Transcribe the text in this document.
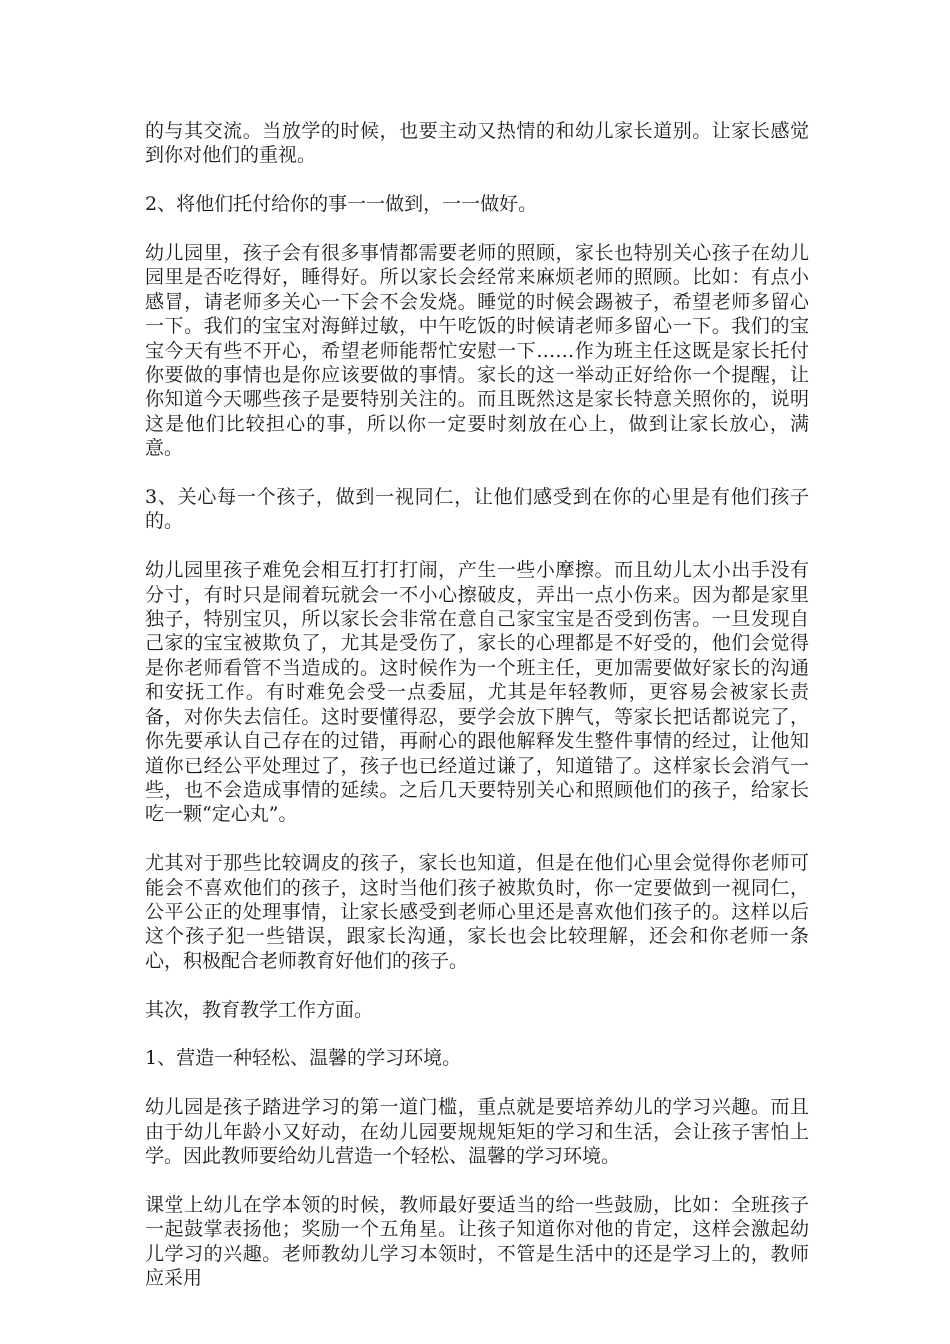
的与其交流。当放学的时候，也要主动又热情的和幼儿家长道别。让家长感觉到你对他们的重视。

2、将他们托付给你的事一一做到，一一做好。

幼儿园里，孩子会有很多事情都需要老师的照顾，家长也特别关心孩子在幼儿园里是否吃得好，睡得好。所以家长会经常来麻烦老师的照顾。比如：有点小感冒，请老师多关心一下会不会发烧。睡觉的时候会踢被子，希望老师多留心一下。我们的宝宝对海鲜过敏，中午吃饭的时候请老师多留心一下。我们的宝宝今天有些不开心，希望老师能帮忙安慰一下……作为班主任这既是家长托付你要做的事情也是你应该要做的事情。家长的这一举动正好给你一个提醒，让你知道今天哪些孩子是要特别关注的。而且既然这是家长特意关照你的，说明这是他们比较担心的事，所以你一定要时刻放在心上，做到让家长放心，满意。

3、关心每一个孩子，做到一视同仁，让他们感受到在你的心里是有他们孩子的。

幼儿园里孩子难免会相互打打打闹，产生一些小摩擦。而且幼儿太小出手没有分寸，有时只是闹着玩就会一不小心擦破皮，弄出一点小伤来。因为都是家里独子，特别宝贝，所以家长会非常在意自己家宝宝是否受到伤害。一旦发现自己家的宝宝被欺负了，尤其是受伤了，家长的心理都是不好受的，他们会觉得是你老师看管不当造成的。这时候作为一个班主任，更加需要做好家长的沟通和安抚工作。有时难免会受一点委屈，尤其是年轻教师，更容易会被家长责备，对你失去信任。这时要懂得忍，要学会放下脾气，等家长把话都说完了，你先要承认自己存在的过错，再耐心的跟他解释发生整件事情的经过，让他知道你已经公平处理过了，孩子也已经道过谦了，知道错了。这样家长会消气一些，也不会造成事情的延续。之后几天要特别关心和照顾他们的孩子，给家长吃一颗“定心丸”。

尤其对于那些比较调皮的孩子，家长也知道，但是在他们心里会觉得你老师可能会不喜欢他们的孩子，这时当他们孩子被欺负时，你一定要做到一视同仁，公平公正的处理事情，让家长感受到老师心里还是喜欢他们孩子的。这样以后这个孩子犯一些错误，跟家长沟通，家长也会比较理解，还会和你老师一条心，积极配合老师教育好他们的孩子。

其次，教育教学工作方面。

1、营造一种轻松、温馨的学习环境。

幼儿园是孩子踏进学习的第一道门槛，重点就是要培养幼儿的学习兴趣。而且由于幼儿年龄小又好动，在幼儿园要规规矩矩的学习和生活，会让孩子害怕上学。因此教师要给幼儿营造一个轻松、温馨的学习环境。

课堂上幼儿在学本领的时候，教师最好要适当的给一些鼓励，比如：全班孩子一起鼓掌表扬他；奖励一个五角星。让孩子知道你对他的肯定，这样会激起幼儿学习的兴趣。老师教幼儿学习本领时，不管是生活中的还是学习上的，教师应采用
